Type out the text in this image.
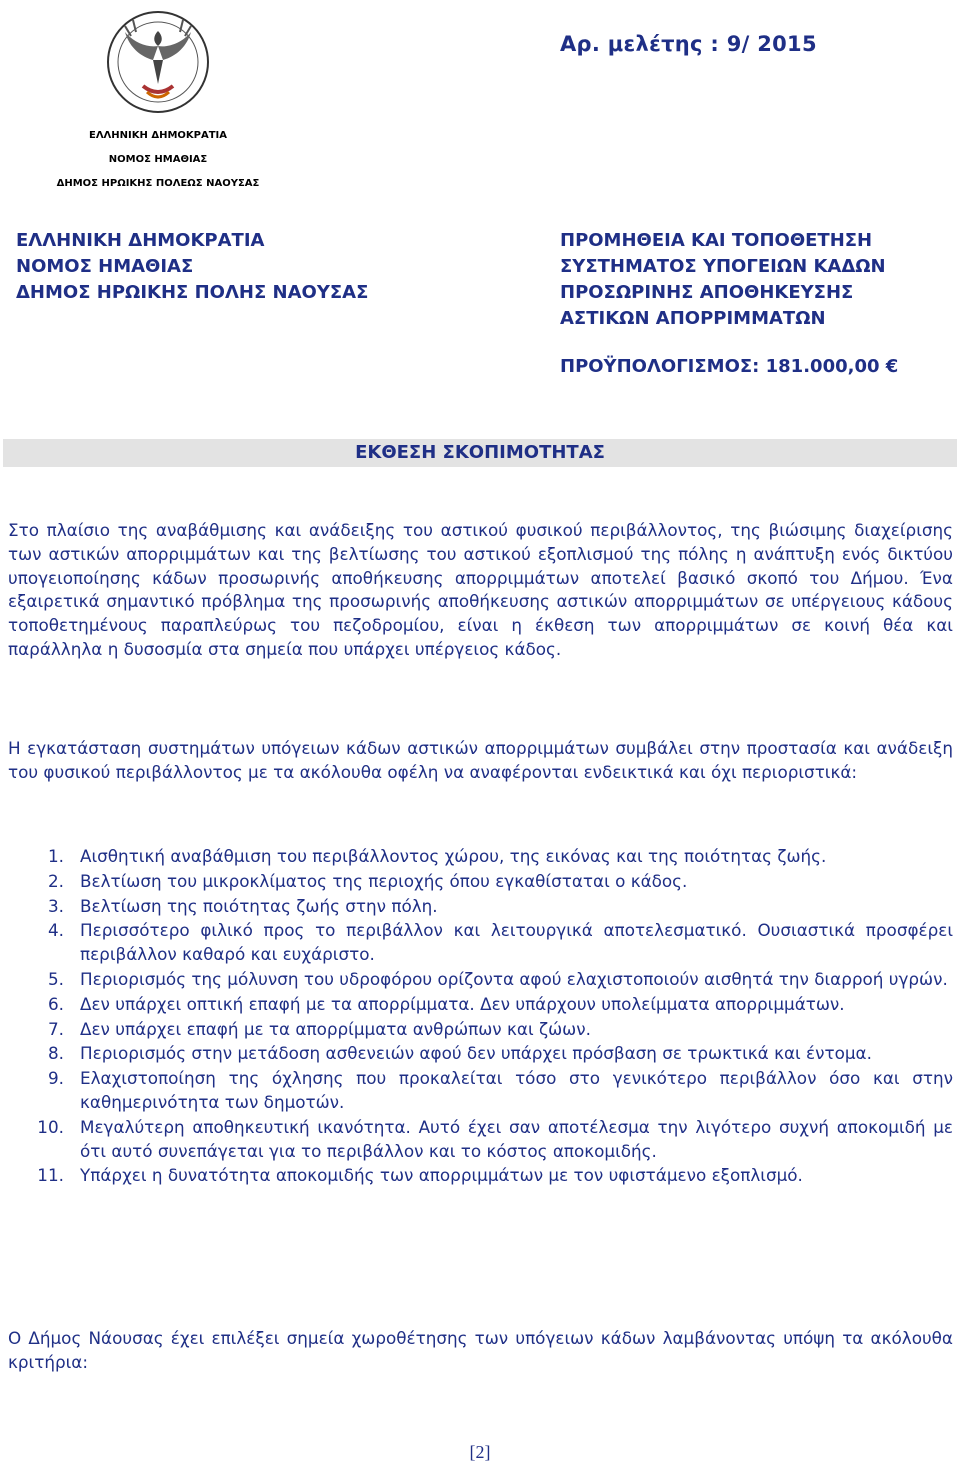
ΕΛΛΗΝΙΚΗ ΔΗΜΟΚΡΑΤΙΑ
ΝΟΜΟΣ ΗΜΑΘΙΑΣ
ΔΗΜΟΣ ΗΡΩΙΚΗΣ ΠΟΛΕΩΣ ΝΑΟΥΣΑΣ
Αρ. μελέτης : 9/ 2015
ΕΛΛΗΝΙΚΗ ΔΗΜΟΚΡΑΤΙΑ
ΝΟΜΟΣ ΗΜΑΘΙΑΣ
ΔΗΜΟΣ ΗΡΩΙΚΗΣ ΠΟΛΗΣ ΝΑΟΥΣΑΣ
ΠΡΟΜΗΘΕΙΑ ΚΑΙ ΤΟΠΟΘΕΤΗΣΗ
ΣΥΣΤΗΜΑΤΟΣ ΥΠΟΓΕΙΩΝ ΚΑΔΩΝ
ΠΡΟΣΩΡΙΝΗΣ ΑΠΟΘΗΚΕΥΣΗΣ
ΑΣΤΙΚΩΝ ΑΠΟΡΡΙΜΜΑΤΩΝ
ΠΡΟΫΠΟΛΟΓΙΣΜΟΣ: 181.000,00 €
ΕΚΘΕΣΗ ΣΚΟΠΙΜΟΤΗΤΑΣ
Στο πλαίσιο της αναβάθμισης και ανάδειξης του αστικού φυσικού περιβάλλοντος, της βιώσιμης διαχείρισης των αστικών απορριμμάτων και της βελτίωσης του αστικού εξοπλισμού της πόλης η ανάπτυξη ενός δικτύου υπογειοποίησης κάδων προσωρινής αποθήκευσης απορριμμάτων αποτελεί βασικό σκοπό του Δήμου. Ένα εξαιρετικά σημαντικό πρόβλημα της προσωρινής αποθήκευσης αστικών απορριμμάτων σε υπέργειους κάδους τοποθετημένους παραπλεύρως του πεζοδρομίου, είναι η έκθεση των απορριμμάτων σε κοινή θέα και παράλληλα η δυσοσμία στα σημεία που υπάρχει υπέργειος κάδος.
Η εγκατάσταση συστημάτων υπόγειων κάδων αστικών απορριμμάτων συμβάλει στην προστασία και ανάδειξη του φυσικού περιβάλλοντος με τα ακόλουθα οφέλη να αναφέρονται ενδεικτικά και όχι περιοριστικά:
1. Αισθητική αναβάθμιση του περιβάλλοντος χώρου, της εικόνας και της ποιότητας ζωής.
2. Βελτίωση του μικροκλίματος της περιοχής όπου εγκαθίσταται ο κάδος.
3. Βελτίωση της ποιότητας ζωής στην πόλη.
4. Περισσότερο φιλικό προς το περιβάλλον και λειτουργικά αποτελεσματικό. Ουσιαστικά προσφέρει περιβάλλον καθαρό και ευχάριστο.
5. Περιορισμός της μόλυνση του υδροφόρου ορίζοντα αφού ελαχιστοποιούν αισθητά την διαρροή υγρών.
6. Δεν υπάρχει οπτική επαφή με τα απορρίμματα. Δεν υπάρχουν υπολείμματα απορριμμάτων.
7. Δεν υπάρχει επαφή με τα απορρίμματα ανθρώπων και ζώων.
8. Περιορισμός στην μετάδοση ασθενειών αφού δεν υπάρχει πρόσβαση σε τρωκτικά και έντομα.
9. Ελαχιστοποίηση της όχλησης που προκαλείται τόσο στο γενικότερο περιβάλλον όσο και στην καθημερινότητα των δημοτών.
10. Μεγαλύτερη αποθηκευτική ικανότητα. Αυτό έχει σαν αποτέλεσμα την λιγότερο συχνή αποκομιδή με ότι αυτό συνεπάγεται για το περιβάλλον και το κόστος αποκομιδής.
11. Υπάρχει η δυνατότητα αποκομιδής των απορριμμάτων με τον υφιστάμενο εξοπλισμό.
Ο Δήμος Νάουσας έχει επιλέξει σημεία χωροθέτησης των υπόγειων κάδων λαμβάνοντας υπόψη τα ακόλουθα κριτήρια:
[2]
